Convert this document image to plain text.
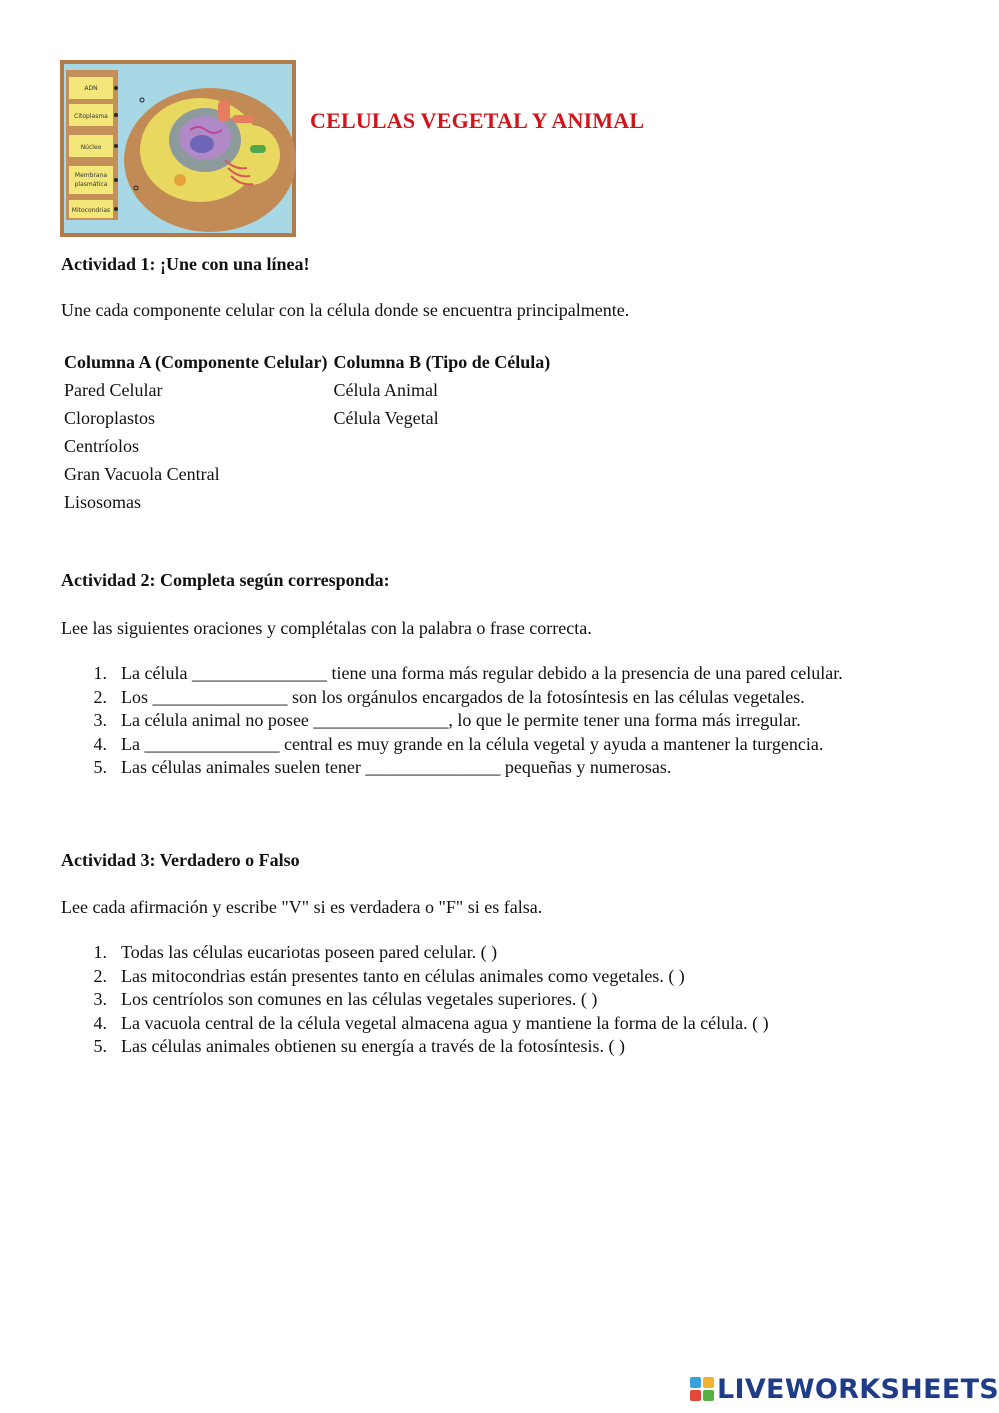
ADN
Citoplasma
Núcleo
Membrana
plasmática
Mitocondrias
CELULAS VEGETAL Y ANIMAL
Actividad 1: ¡Une con una línea!
Une cada componente celular con la célula donde se encuentra principalmente.
Columna A (Componente Celular)	Columna B (Tipo de Célula)
Pared Celular	Célula Animal
Cloroplastos	Célula Vegetal
Centríolos	
Gran Vacuola Central	
Lisosomas	
Actividad 2: Completa según corresponda:
Lee las siguientes oraciones y complétalas con la palabra o frase correcta.
1. La célula _______________ tiene una forma más regular debido a la presencia de una pared celular.
2. Los _______________ son los orgánulos encargados de la fotosíntesis en las células vegetales.
3. La célula animal no posee _______________, lo que le permite tener una forma más irregular.
4. La _______________ central es muy grande en la célula vegetal y ayuda a mantener la turgencia.
5. Las células animales suelen tener _______________ pequeñas y numerosas.
Actividad 3: Verdadero o Falso
Lee cada afirmación y escribe "V" si es verdadera o "F" si es falsa.
1. Todas las células eucariotas poseen pared celular. ( )
2. Las mitocondrias están presentes tanto en células animales como vegetales. ( )
3. Los centríolos son comunes en las células vegetales superiores. ( )
4. La vacuola central de la célula vegetal almacena agua y mantiene la forma de la célula. ( )
5. Las células animales obtienen su energía a través de la fotosíntesis. ( )
LIVEWORKSHEETS
